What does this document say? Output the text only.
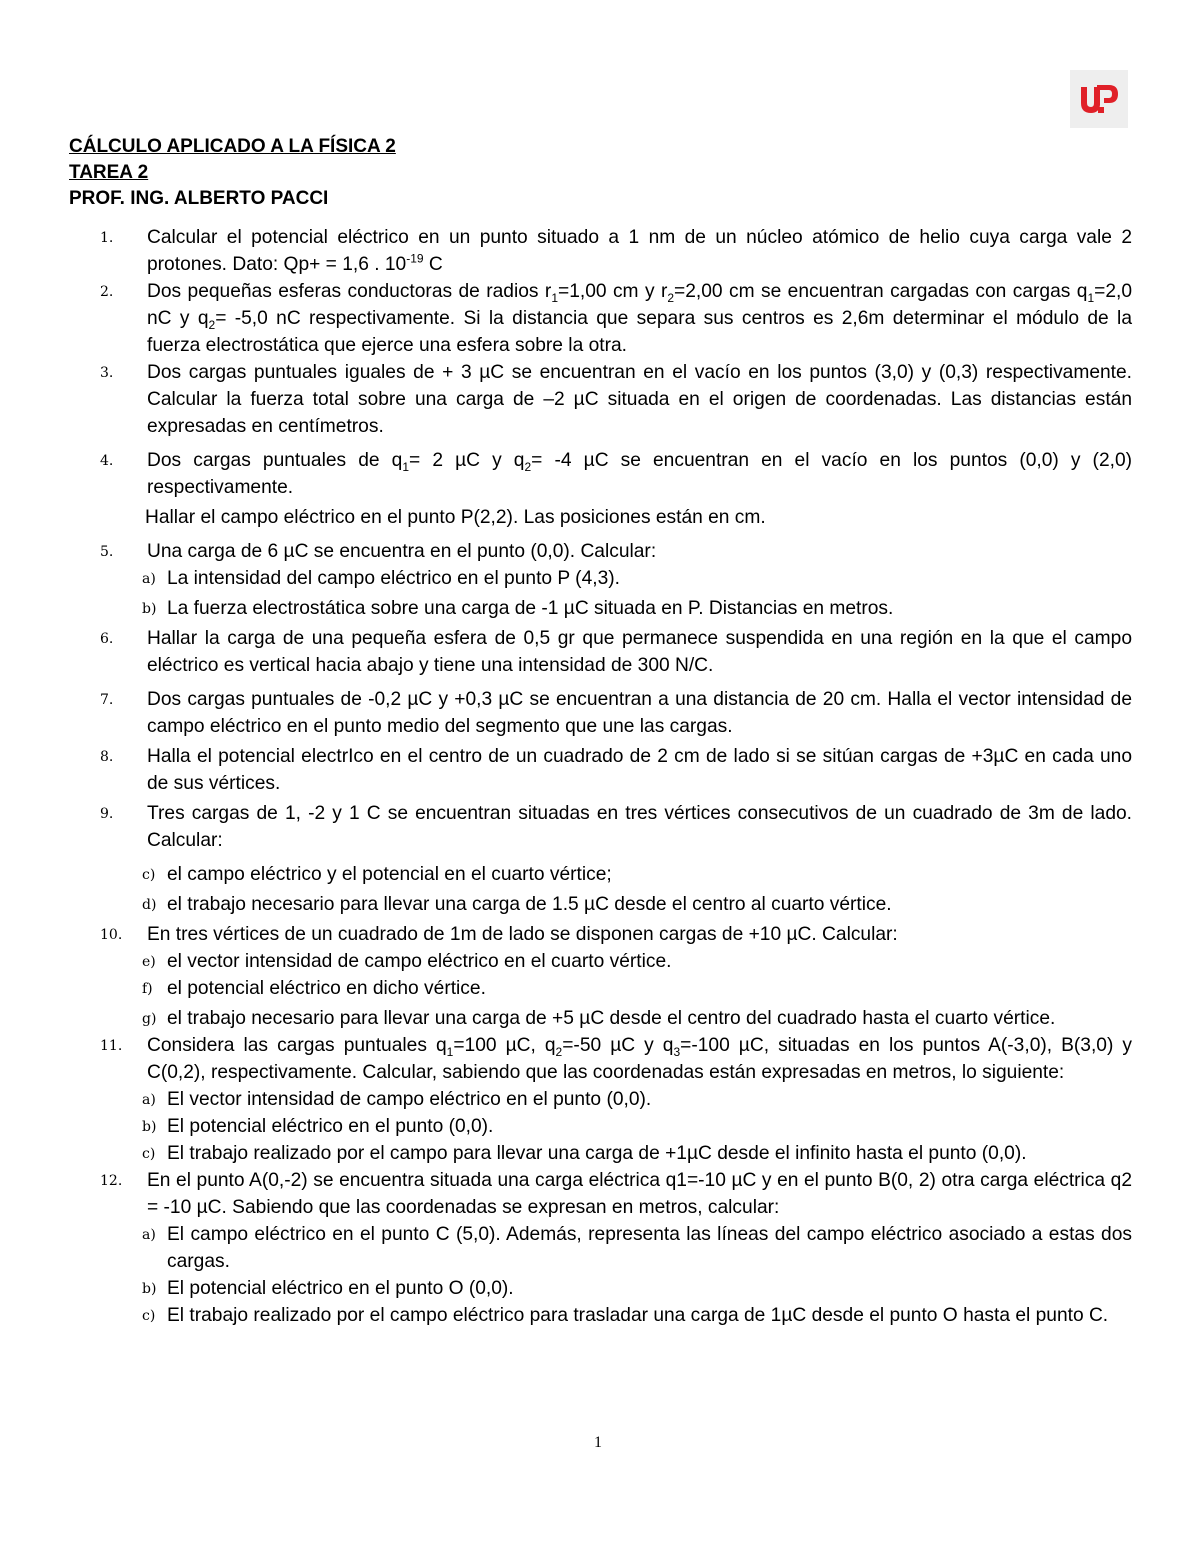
CÁLCULO APLICADO A LA FÍSICA 2
TAREA 2
PROF. ING. ALBERTO PACCI
1. Calcular el potencial eléctrico en un punto situado a 1 nm de un núcleo atómico de helio cuya carga vale 2 protones. Dato: Qp+ = 1,6 . $10^{-19}$ C
2. Dos pequeñas esferas conductoras de radios $r_1=1,00$ cm y $r_2=2,00$ cm se encuentran cargadas con cargas $q_1=2,0$ nC y $q_2= -5,0$ nC respectivamente. Si la distancia que separa sus centros es 2,6m determinar el módulo de la fuerza electrostática que ejerce una esfera sobre la otra.
3. Dos cargas puntuales iguales de + 3 µC se encuentran en el vacío en los puntos (3,0) y (0,3) respectivamente. Calcular la fuerza total sobre una carga de –2 µC situada en el origen de coordenadas. Las distancias están expresadas en centímetros.
4. Dos cargas puntuales de $q_1= 2$ µC y $q_2= -4$ µC se encuentran en el vacío en los puntos (0,0) y (2,0) respectivamente.
Hallar el campo eléctrico en el punto P(2,2). Las posiciones están en cm.
5. Una carga de 6 µC se encuentra en el punto (0,0). Calcular:
a) La intensidad del campo eléctrico en el punto P (4,3).
b) La fuerza electrostática sobre una carga de -1 µC situada en P. Distancias en metros.
6. Hallar la carga de una pequeña esfera de 0,5 gr que permanece suspendida en una región en la que el campo eléctrico es vertical hacia abajo y tiene una intensidad de 300 N/C.
7. Dos cargas puntuales de -0,2 µC y +0,3 µC se encuentran a una distancia de 20 cm. Halla el vector intensidad de campo eléctrico en el punto medio del segmento que une las cargas.
8. Halla el potencial electrIco en el centro de un cuadrado de 2 cm de lado si se sitúan cargas de +3µC en cada uno de sus vértices.
9. Tres cargas de 1, -2 y 1 C se encuentran situadas en tres vértices consecutivos de un cuadrado de 3m de lado. Calcular:
c) el campo eléctrico y el potencial en el cuarto vértice;
d) el trabajo necesario para llevar una carga de 1.5 µC desde el centro al cuarto vértice.
10. En tres vértices de un cuadrado de 1m de lado se disponen cargas de +10 µC. Calcular:
e) el vector intensidad de campo eléctrico en el cuarto vértice.
f) el potencial eléctrico en dicho vértice.
g) el trabajo necesario para llevar una carga de +5 µC desde el centro del cuadrado hasta el cuarto vértice.
11. Considera las cargas puntuales $q_1=100$ µC, $q_2=-50$ µC y $q_3=-100$ µC, situadas en los puntos A(-3,0), B(3,0) y C(0,2), respectivamente. Calcular, sabiendo que las coordenadas están expresadas en metros, lo siguiente:
a) El vector intensidad de campo eléctrico en el punto (0,0).
b) El potencial eléctrico en el punto (0,0).
c) El trabajo realizado por el campo para llevar una carga de +1µC desde el infinito hasta el punto (0,0).
12. En el punto A(0,-2) se encuentra situada una carga eléctrica q1=-10 µC y en el punto B(0, 2) otra carga eléctrica q2 = -10 µC. Sabiendo que las coordenadas se expresan en metros, calcular:
a) El campo eléctrico en el punto C (5,0). Además, representa las líneas del campo eléctrico asociado a estas dos cargas.
b) El potencial eléctrico en el punto O (0,0).
c) El trabajo realizado por el campo eléctrico para trasladar una carga de 1µC desde el punto O hasta el punto C.
1
